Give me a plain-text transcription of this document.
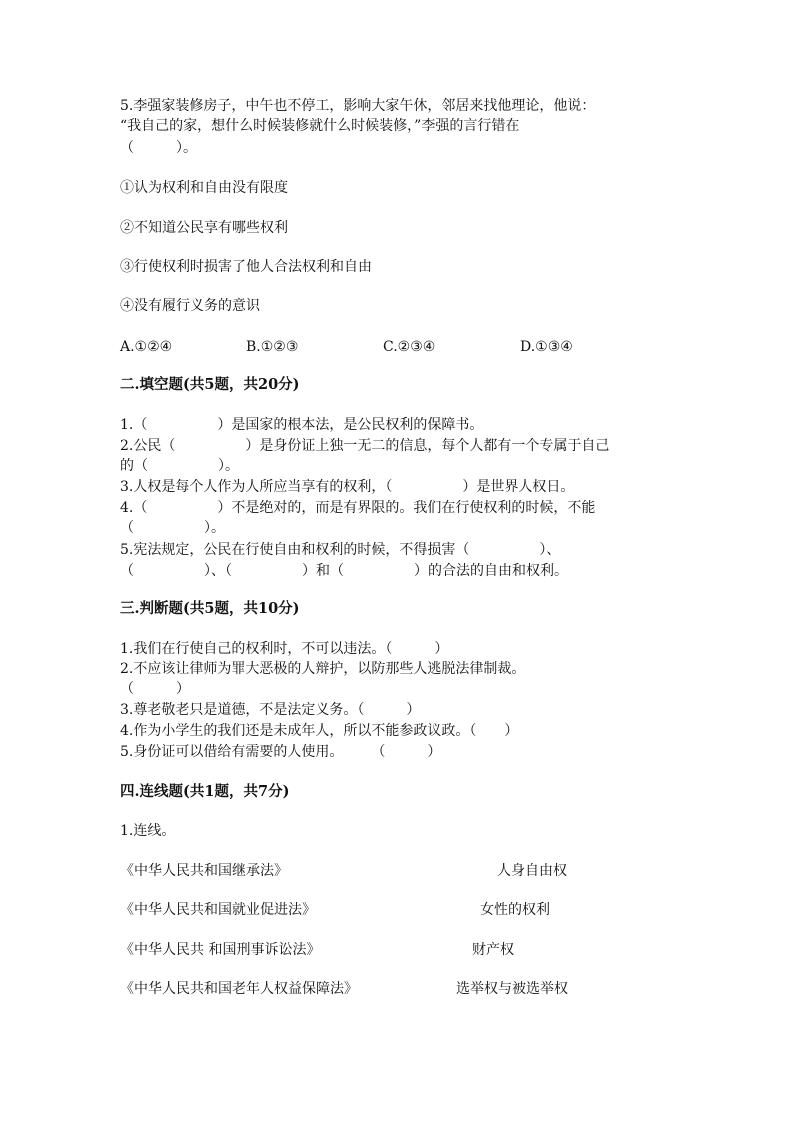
5.李强家装修房子，中午也不停工，影响大家午休，邻居来找他理论，他说：
“我自己的家，想什么时候装修就什么时候装修，”李强的言行错在
（　　　）。
①认为权利和自由没有限度
②不知道公民享有哪些权利
③行使权利时损害了他人合法权利和自由
④没有履行义务的意识
A.①②④	B.①②③	C.②③④	D.①③④
二.填空题(共5题，共20分)
1.（　　　　　）是国家的根本法，是公民权利的保障书。
2.公民（　　　　　）是身份证上独一无二的信息，每个人都有一个专属于自己
的（　　　　　）。
3.人权是每个人作为人所应当享有的权利，（　　　　　）是世界人权日。
4.（　　　　　）不是绝对的，而是有界限的。我们在行使权利的时候，不能
（　　　　　）。
5.宪法规定，公民在行使自由和权利的时候，不得损害（　　　　　）、
（　　　　　）、（　　　　　）和（　　　　　）的合法的自由和权利。
三.判断题(共5题，共10分)
1.我们在行使自己的权利时，不可以违法。（　　　）
2.不应该让律师为罪大恶极的人辩护，以防那些人逃脱法律制裁。
（　　　）
3.尊老敬老只是道德，不是法定义务。（　　　）
4.作为小学生的我们还是未成年人，所以不能参政议政。（　　）
5.身份证可以借给有需要的人使用。　　　（　　　）
四.连线题(共1题，共7分)
1.连线。
《中华人民共和国继承法》	人身自由权
《中华人民共和国就业促进法》	女性的权利
《中华人民共 和国刑事诉讼法》	财产权
《中华人民共和国老年人权益保障法》	选举权与被选举权
